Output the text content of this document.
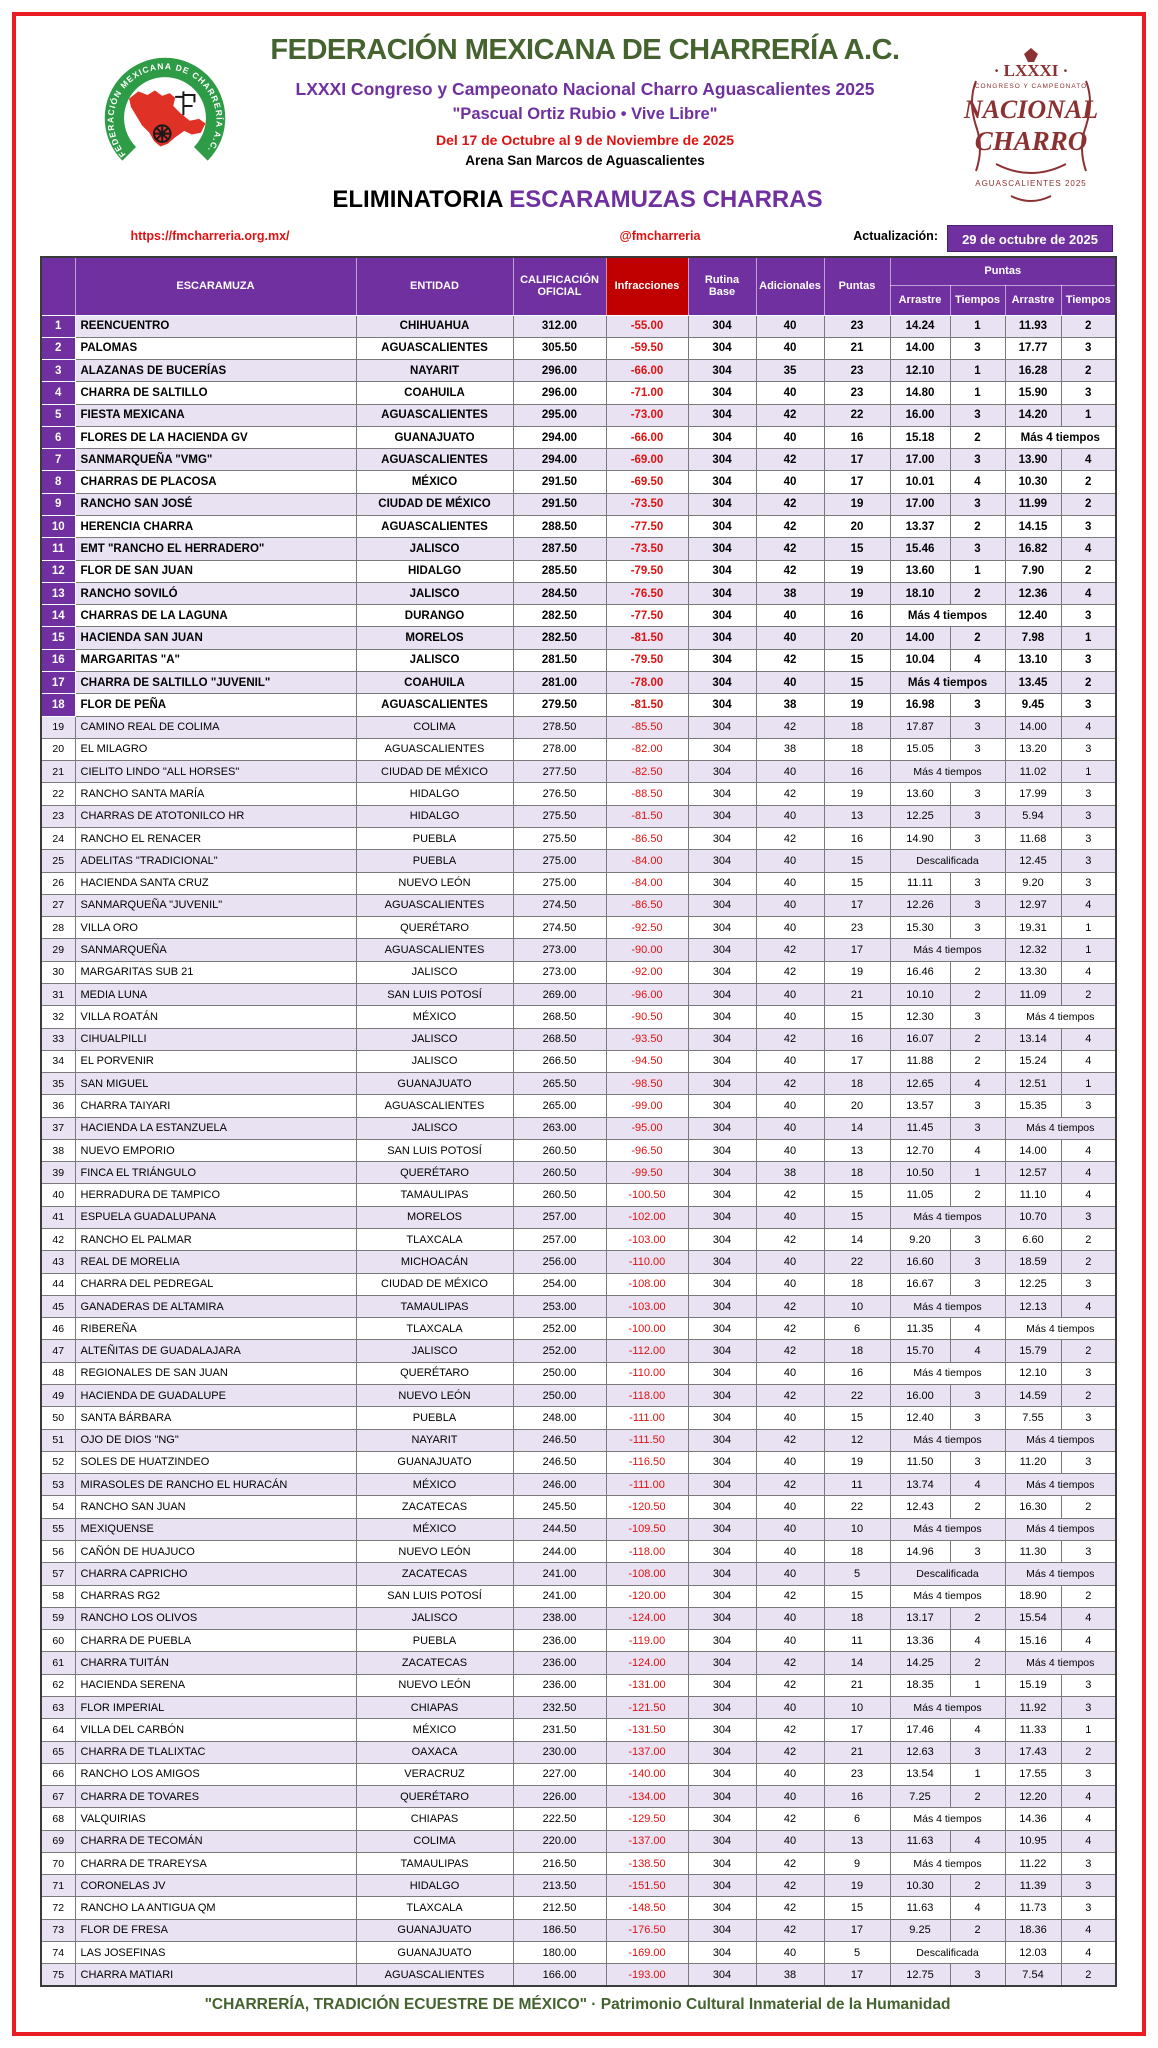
FEDERACIÓN MEXICANA DE CHARRERÍA A.C.
· LXXXI ·
CONGRESO Y CAMPEONATO
NACIONAL
CHARRO
AGUASCALIENTES 2025
FEDERACIÓN MEXICANA DE CHARRERÍA A.C.
LXXXI Congreso y Campeonato Nacional Charro Aguascalientes 2025
"Pascual Ortiz Rubio • Vive Libre"
Del 17 de Octubre al 9 de Noviembre de 2025
Arena San Marcos de Aguascalientes
ELIMINATORIA ESCARAMUZAS CHARRAS
https://fmcharreria.org.mx/	@fmcharreria	Actualización:	29 de octubre de 2025
	ESCARAMUZA	ENTIDAD	CALIFICACIÓN
OFICIAL	Infracciones	Rutina
Base	Adicionales	Puntas	Puntas			
								Arrastre	Tiempos	Arrastre	Tiempos
1	REENCUENTRO	CHIHUAHUA	312.00	-55.00	304	40	23	14.24	1	11.93	2
2	PALOMAS	AGUASCALIENTES	305.50	-59.50	304	40	21	14.00	3	17.77	3
3	ALAZANAS DE BUCERÍAS	NAYARIT	296.00	-66.00	304	35	23	12.10	1	16.28	2
4	CHARRA DE SALTILLO	COAHUILA	296.00	-71.00	304	40	23	14.80	1	15.90	3
5	FIESTA MEXICANA	AGUASCALIENTES	295.00	-73.00	304	42	22	16.00	3	14.20	1
6	FLORES DE LA HACIENDA GV	GUANAJUATO	294.00	-66.00	304	40	16	15.18	2	Más 4 tiempos	
7	SANMARQUEÑA "VMG"	AGUASCALIENTES	294.00	-69.00	304	42	17	17.00	3	13.90	4
8	CHARRAS DE PLACOSA	MÉXICO	291.50	-69.50	304	40	17	10.01	4	10.30	2
9	RANCHO SAN JOSÉ	CIUDAD DE MÉXICO	291.50	-73.50	304	42	19	17.00	3	11.99	2
10	HERENCIA CHARRA	AGUASCALIENTES	288.50	-77.50	304	42	20	13.37	2	14.15	3
11	EMT "RANCHO EL HERRADERO"	JALISCO	287.50	-73.50	304	42	15	15.46	3	16.82	4
12	FLOR DE SAN JUAN	HIDALGO	285.50	-79.50	304	42	19	13.60	1	7.90	2
13	RANCHO SOVILÓ	JALISCO	284.50	-76.50	304	38	19	18.10	2	12.36	4
14	CHARRAS DE LA LAGUNA	DURANGO	282.50	-77.50	304	40	16	Más 4 tiempos		12.40	3
15	HACIENDA SAN JUAN	MORELOS	282.50	-81.50	304	40	20	14.00	2	7.98	1
16	MARGARITAS "A"	JALISCO	281.50	-79.50	304	42	15	10.04	4	13.10	3
17	CHARRA DE SALTILLO "JUVENIL"	COAHUILA	281.00	-78.00	304	40	15	Más 4 tiempos		13.45	2
18	FLOR DE PEÑA	AGUASCALIENTES	279.50	-81.50	304	38	19	16.98	3	9.45	3
19	CAMINO REAL DE COLIMA	COLIMA	278.50	-85.50	304	42	18	17.87	3	14.00	4
20	EL MILAGRO	AGUASCALIENTES	278.00	-82.00	304	38	18	15.05	3	13.20	3
21	CIELITO LINDO "ALL HORSES"	CIUDAD DE MÉXICO	277.50	-82.50	304	40	16	Más 4 tiempos		11.02	1
22	RANCHO SANTA MARÍA	HIDALGO	276.50	-88.50	304	42	19	13.60	3	17.99	3
23	CHARRAS DE ATOTONILCO HR	HIDALGO	275.50	-81.50	304	40	13	12.25	3	5.94	3
24	RANCHO EL RENACER	PUEBLA	275.50	-86.50	304	42	16	14.90	3	11.68	3
25	ADELITAS "TRADICIONAL"	PUEBLA	275.00	-84.00	304	40	15	Descalificada		12.45	3
26	HACIENDA SANTA CRUZ	NUEVO LEÓN	275.00	-84.00	304	40	15	11.11	3	9.20	3
27	SANMARQUEÑA "JUVENIL"	AGUASCALIENTES	274.50	-86.50	304	40	17	12.26	3	12.97	4
28	VILLA ORO	QUERÉTARO	274.50	-92.50	304	40	23	15.30	3	19.31	1
29	SANMARQUEÑA	AGUASCALIENTES	273.00	-90.00	304	42	17	Más 4 tiempos		12.32	1
30	MARGARITAS SUB 21	JALISCO	273.00	-92.00	304	42	19	16.46	2	13.30	4
31	MEDIA LUNA	SAN LUIS POTOSÍ	269.00	-96.00	304	40	21	10.10	2	11.09	2
32	VILLA ROATÁN	MÉXICO	268.50	-90.50	304	40	15	12.30	3	Más 4 tiempos	
33	CIHUALPILLI	JALISCO	268.50	-93.50	304	42	16	16.07	2	13.14	4
34	EL PORVENIR	JALISCO	266.50	-94.50	304	40	17	11.88	2	15.24	4
35	SAN MIGUEL	GUANAJUATO	265.50	-98.50	304	42	18	12.65	4	12.51	1
36	CHARRA TAIYARI	AGUASCALIENTES	265.00	-99.00	304	40	20	13.57	3	15.35	3
37	HACIENDA LA ESTANZUELA	JALISCO	263.00	-95.00	304	40	14	11.45	3	Más 4 tiempos	
38	NUEVO EMPORIO	SAN LUIS POTOSÍ	260.50	-96.50	304	40	13	12.70	4	14.00	4
39	FINCA EL TRIÁNGULO	QUERÉTARO	260.50	-99.50	304	38	18	10.50	1	12.57	4
40	HERRADURA DE TAMPICO	TAMAULIPAS	260.50	-100.50	304	42	15	11.05	2	11.10	4
41	ESPUELA GUADALUPANA	MORELOS	257.00	-102.00	304	40	15	Más 4 tiempos		10.70	3
42	RANCHO EL PALMAR	TLAXCALA	257.00	-103.00	304	42	14	9.20	3	6.60	2
43	REAL DE MORELIA	MICHOACÁN	256.00	-110.00	304	40	22	16.60	3	18.59	2
44	CHARRA DEL PEDREGAL	CIUDAD DE MÉXICO	254.00	-108.00	304	40	18	16.67	3	12.25	3
45	GANADERAS DE ALTAMIRA	TAMAULIPAS	253.00	-103.00	304	42	10	Más 4 tiempos		12.13	4
46	RIBEREÑA	TLAXCALA	252.00	-100.00	304	42	6	11.35	4	Más 4 tiempos	
47	ALTEÑITAS DE GUADALAJARA	JALISCO	252.00	-112.00	304	42	18	15.70	4	15.79	2
48	REGIONALES DE SAN JUAN	QUERÉTARO	250.00	-110.00	304	40	16	Más 4 tiempos		12.10	3
49	HACIENDA DE GUADALUPE	NUEVO LEÓN	250.00	-118.00	304	42	22	16.00	3	14.59	2
50	SANTA BÁRBARA	PUEBLA	248.00	-111.00	304	40	15	12.40	3	7.55	3
51	OJO DE DIOS "NG"	NAYARIT	246.50	-111.50	304	42	12	Más 4 tiempos		Más 4 tiempos	
52	SOLES DE HUATZINDEO	GUANAJUATO	246.50	-116.50	304	40	19	11.50	3	11.20	3
53	MIRASOLES DE RANCHO EL HURACÁN	MÉXICO	246.00	-111.00	304	42	11	13.74	4	Más 4 tiempos	
54	RANCHO SAN JUAN	ZACATECAS	245.50	-120.50	304	40	22	12.43	2	16.30	2
55	MEXIQUENSE	MÉXICO	244.50	-109.50	304	40	10	Más 4 tiempos		Más 4 tiempos	
56	CAÑÓN DE HUAJUCO	NUEVO LEÓN	244.00	-118.00	304	40	18	14.96	3	11.30	3
57	CHARRA CAPRICHO	ZACATECAS	241.00	-108.00	304	40	5	Descalificada		Más 4 tiempos	
58	CHARRAS RG2	SAN LUIS POTOSÍ	241.00	-120.00	304	42	15	Más 4 tiempos		18.90	2
59	RANCHO LOS OLIVOS	JALISCO	238.00	-124.00	304	40	18	13.17	2	15.54	4
60	CHARRA DE PUEBLA	PUEBLA	236.00	-119.00	304	40	11	13.36	4	15.16	4
61	CHARRA TUITÁN	ZACATECAS	236.00	-124.00	304	42	14	14.25	2	Más 4 tiempos	
62	HACIENDA SERENA	NUEVO LEÓN	236.00	-131.00	304	42	21	18.35	1	15.19	3
63	FLOR IMPERIAL	CHIAPAS	232.50	-121.50	304	40	10	Más 4 tiempos		11.92	3
64	VILLA DEL CARBÓN	MÉXICO	231.50	-131.50	304	42	17	17.46	4	11.33	1
65	CHARRA DE TLALIXTAC	OAXACA	230.00	-137.00	304	42	21	12.63	3	17.43	2
66	RANCHO LOS AMIGOS	VERACRUZ	227.00	-140.00	304	40	23	13.54	1	17.55	3
67	CHARRA DE TOVARES	QUERÉTARO	226.00	-134.00	304	40	16	7.25	2	12.20	4
68	VALQUIRIAS	CHIAPAS	222.50	-129.50	304	42	6	Más 4 tiempos		14.36	4
69	CHARRA DE TECOMÁN	COLIMA	220.00	-137.00	304	40	13	11.63	4	10.95	4
70	CHARRA DE TRAREYSA	TAMAULIPAS	216.50	-138.50	304	42	9	Más 4 tiempos		11.22	3
71	CORONELAS JV	HIDALGO	213.50	-151.50	304	42	19	10.30	2	11.39	3
72	RANCHO LA ANTIGUA QM	TLAXCALA	212.50	-148.50	304	42	15	11.63	4	11.73	3
73	FLOR DE FRESA	GUANAJUATO	186.50	-176.50	304	42	17	9.25	2	18.36	4
74	LAS JOSEFINAS	GUANAJUATO	180.00	-169.00	304	40	5	Descalificada		12.03	4
75	CHARRA MATIARI	AGUASCALIENTES	166.00	-193.00	304	38	17	12.75	3	7.54	2
"CHARRERÍA, TRADICIÓN ECUESTRE DE MÉXICO" · Patrimonio Cultural Inmaterial de la Humanidad
